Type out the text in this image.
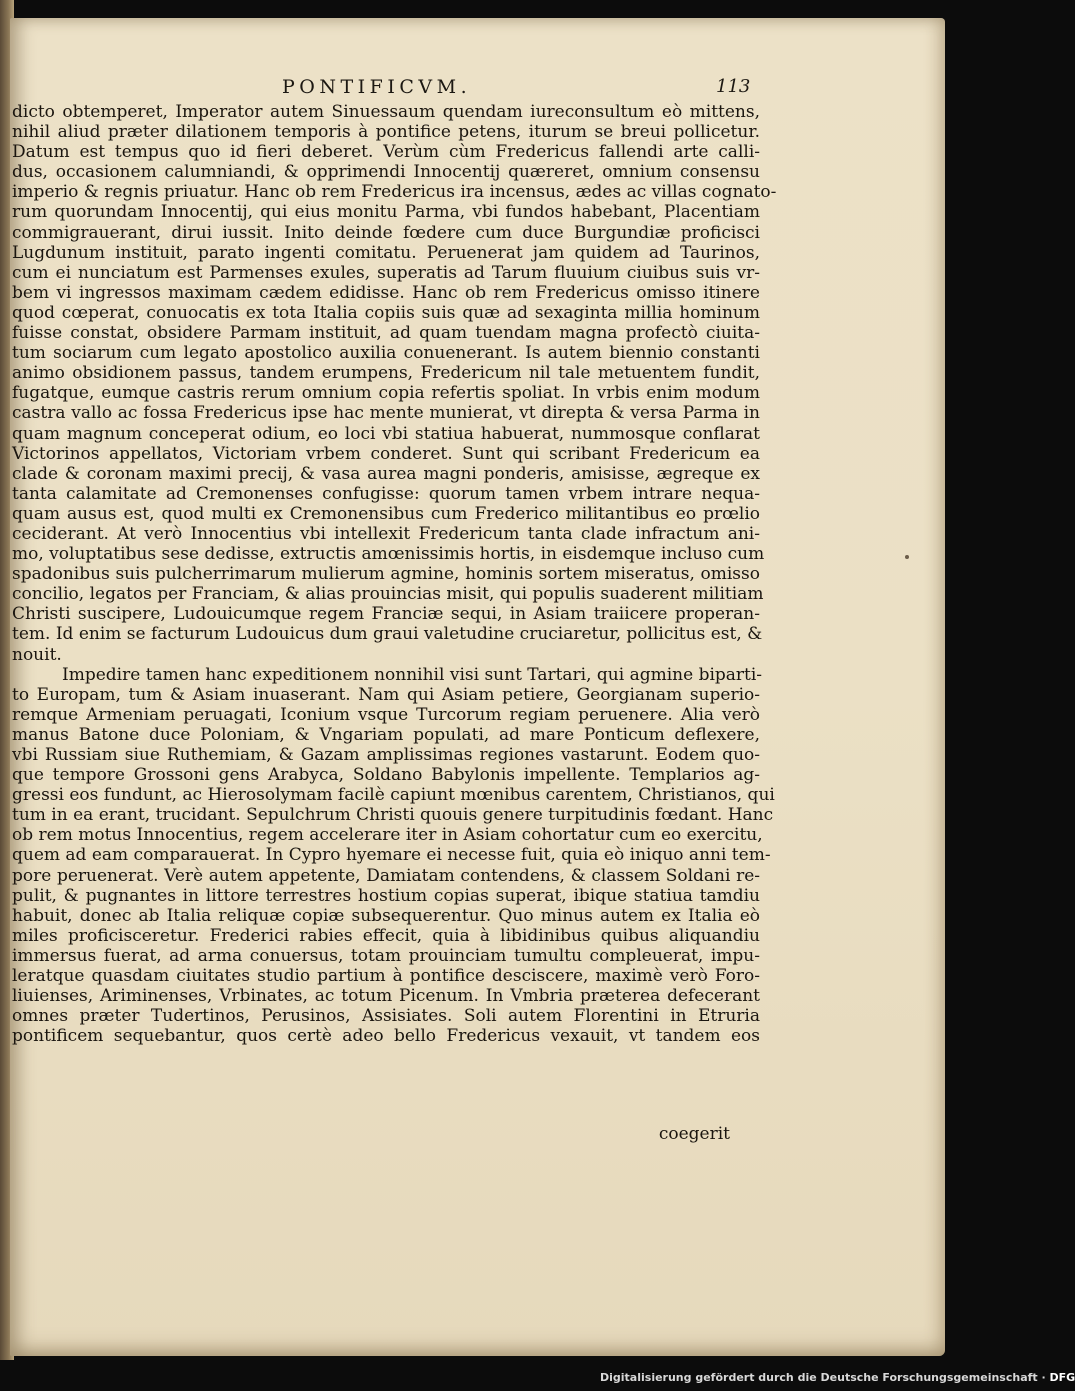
PONTIFICVM.	113
dicto obtemperet, Imperator autem Sinuessaum quendam iureconsultum eò mittens,
nihil aliud præter dilationem temporis à pontifice petens, iturum se breui pollicetur.
Datum est tempus quo id fieri deberet. Verùm cùm Fredericus fallendi arte calli-
dus, occasionem calumniandi, & opprimendi Innocentij quæreret, omnium consensu
imperio & regnis priuatur. Hanc ob rem Fredericus ira incensus, ædes ac villas cognato-
rum quorundam Innocentij, qui eius monitu Parma, vbi fundos habebant, Placentiam
commigrauerant, dirui iussit. Inito deinde fœdere cum duce Burgundiæ proficisci
Lugdunum instituit, parato ingenti comitatu. Peruenerat jam quidem ad Taurinos,
cum ei nunciatum est Parmenses exules, superatis ad Tarum fluuium ciuibus suis vr-
bem vi ingressos maximam cædem edidisse. Hanc ob rem Fredericus omisso itinere
quod cœperat, conuocatis ex tota Italia copiis suis quæ ad sexaginta millia hominum
fuisse constat, obsidere Parmam instituit, ad quam tuendam magna profectò ciuita-
tum sociarum cum legato apostolico auxilia conuenerant. Is autem biennio constanti
animo obsidionem passus, tandem erumpens, Fredericum nil tale metuentem fundit,
fugatque, eumque castris rerum omnium copia refertis spoliat. In vrbis enim modum
castra vallo ac fossa Fredericus ipse hac mente munierat, vt direpta & versa Parma in
quam magnum conceperat odium, eo loci vbi statiua habuerat, nummosque conflarat
Victorinos appellatos, Victoriam vrbem conderet. Sunt qui scribant Fredericum ea
clade & coronam maximi precij, & vasa aurea magni ponderis, amisisse, ægreque ex
tanta calamitate ad Cremonenses confugisse: quorum tamen vrbem intrare nequa-
quam ausus est, quod multi ex Cremonensibus cum Frederico militantibus eo prœlio
ceciderant. At verò Innocentius vbi intellexit Fredericum tanta clade infractum ani-
mo, voluptatibus sese dedisse, extructis amœnissimis hortis, in eisdemque incluso cum
spadonibus suis pulcherrimarum mulierum agmine, hominis sortem miseratus, omisso
concilio, legatos per Franciam, & alias prouincias misit, qui populis suaderent militiam
Christi suscipere, Ludouicumque regem Franciæ sequi, in Asiam traiicere properan-
tem. Id enim se facturum Ludouicus dum graui valetudine cruciaretur, pollicitus est, &
nouit.
Impedire tamen hanc expeditionem nonnihil visi sunt Tartari, qui agmine biparti-
to Europam, tum & Asiam inuaserant. Nam qui Asiam petiere, Georgianam superio-
remque Armeniam peruagati, Iconium vsque Turcorum regiam peruenere. Alia verò
manus Batone duce Poloniam, & Vngariam populati, ad mare Ponticum deflexere,
vbi Russiam siue Ruthemiam, & Gazam amplissimas regiones vastarunt. Eodem quo-
que tempore Grossoni gens Arabyca, Soldano Babylonis impellente. Templarios ag-
gressi eos fundunt, ac Hierosolymam facilè capiunt mœnibus carentem, Christianos, qui
tum in ea erant, trucidant. Sepulchrum Christi quouis genere turpitudinis fœdant. Hanc
ob rem motus Innocentius, regem accelerare iter in Asiam cohortatur cum eo exercitu,
quem ad eam comparauerat. In Cypro hyemare ei necesse fuit, quia eò iniquo anni tem-
pore peruenerat. Verè autem appetente, Damiatam contendens, & classem Soldani re-
pulit, & pugnantes in littore terrestres hostium copias superat, ibique statiua tamdiu
habuit, donec ab Italia reliquæ copiæ subsequerentur. Quo minus autem ex Italia eò
miles proficisceretur. Frederici rabies effecit, quia à libidinibus quibus aliquandiu
immersus fuerat, ad arma conuersus, totam prouinciam tumultu compleuerat, impu-
leratque quasdam ciuitates studio partium à pontifice desciscere, maximè verò Foro-
liuienses, Ariminenses, Vrbinates, ac totum Picenum. In Vmbria præterea defecerant
omnes præter Tudertinos, Perusinos, Assisiates. Soli autem Florentini in Etruria
pontificem sequebantur, quos certè adeo bello Fredericus vexauit, vt tandem eos
coegerit
Digitalisierung gefördert durch die Deutsche Forschungsgemeinschaft · DFG
